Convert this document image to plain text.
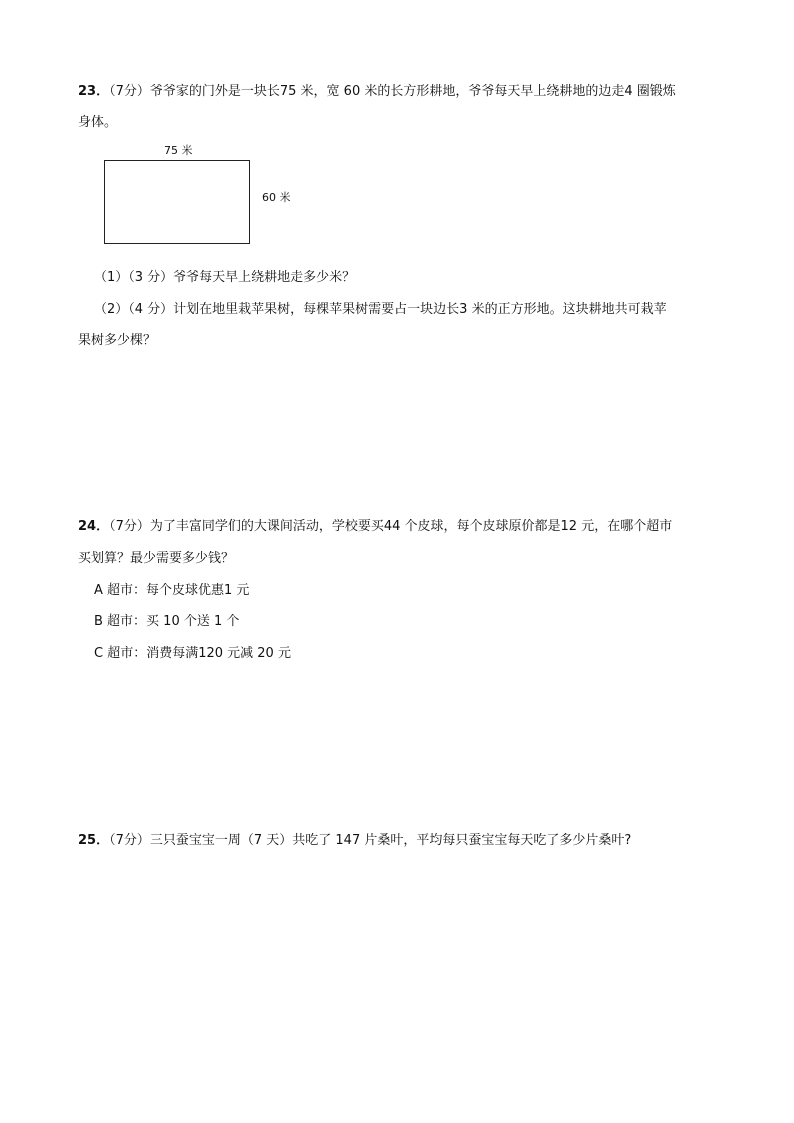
23．（7分）爷爷家的门外是一块长75 米，宽 60 米的长方形耕地，爷爷每天早上绕耕地的边走4 圈锻炼
身体。
75 米
60 米
（1）（3 分）爷爷每天早上绕耕地走多少米？
（2）（4 分）计划在地里栽苹果树，每棵苹果树需要占一块边长3 米的正方形地。这块耕地共可栽苹
果树多少棵？
24．（7分）为了丰富同学们的大课间活动，学校要买44 个皮球，每个皮球原价都是12 元，在哪个超市
买划算？最少需要多少钱？
A 超市：每个皮球优惠1 元
B 超市：买 10 个送 1 个
C 超市：消费每满120 元减 20 元
25．（7分）三只蚕宝宝一周（7 天）共吃了 147 片桑叶，平均每只蚕宝宝每天吃了多少片桑叶?
